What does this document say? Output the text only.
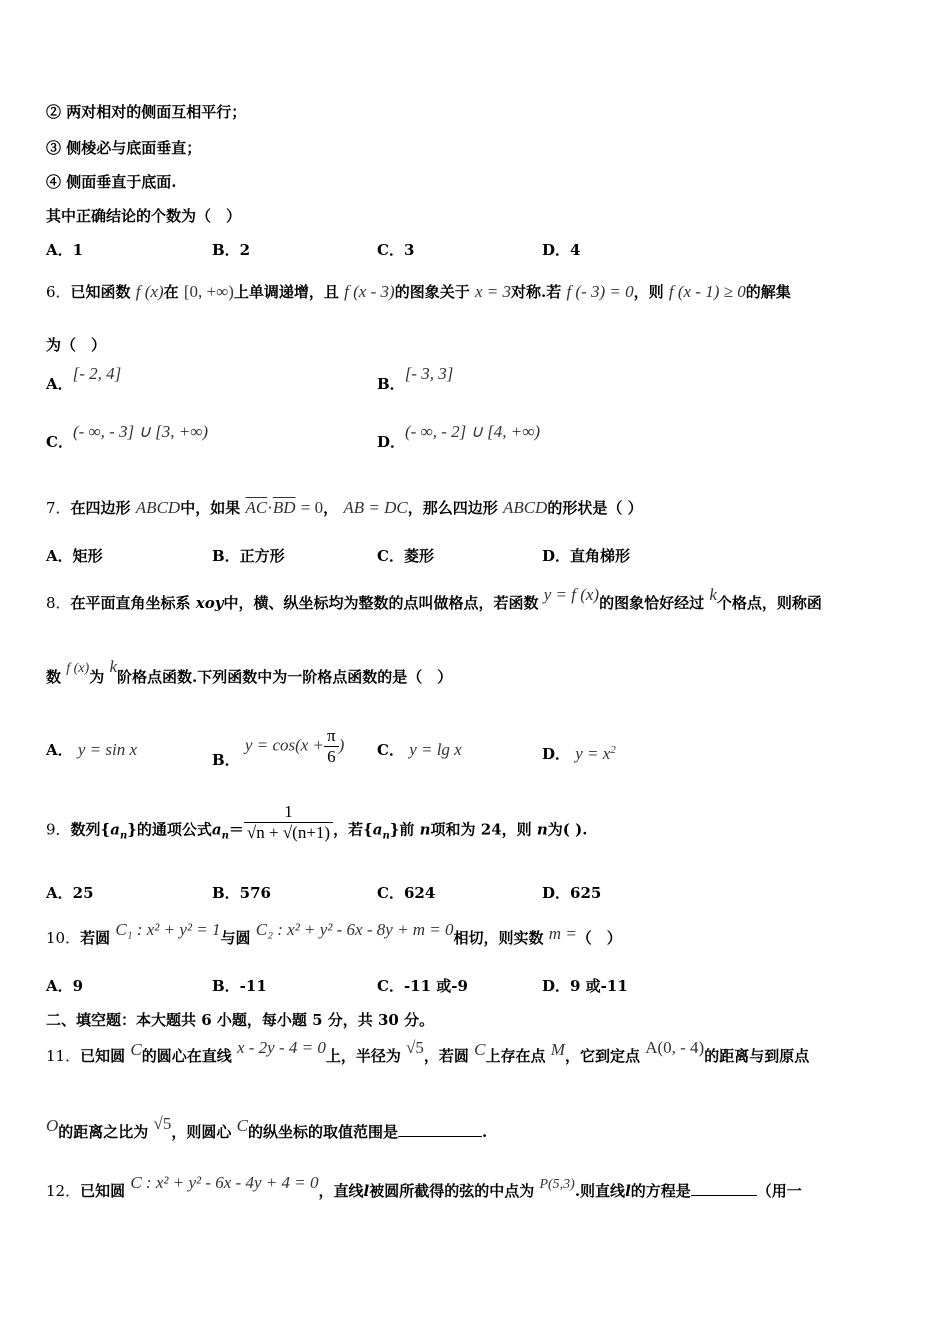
② 两对相对的侧面互相平行；
③ 侧棱必与底面垂直；
④ 侧面垂直于底面.
其中正确结论的个数为（　）
A．1	B．2	C．3	D．4
6．已知函数 f (x)在 [0, +∞)上单调递增，且 f (x - 3)的图象关于 x = 3对称.若 f (- 3) = 0，则 f (x - 1) ≥ 0的解集
为（　）
A．[- 2, 4]
B．[- 3, 3]
C．(- ∞, - 3] ∪ [3, +∞)
D．(- ∞, - 2] ∪ [4, +∞)
7．在四边形 ABCD中，如果 $\overline{AC}\cdot\overline{BD} = 0$， AB = DC，那么四边形 ABCD的形状是（ ）
A．矩形	B．正方形	C．菱形	D．直角梯形
8．在平面直角坐标系 xoy中，横、纵坐标均为整数的点叫做格点，若函数 y = f (x)的图象恰好经过 k个格点，则称函
数 f (x)为 k阶格点函数.下列函数中为一阶格点函数的是（　）
A． y = sin x
B． $y = \cos(x + \frac{\pi}{6}$ ) C． y = lg x	D． $y = x^2$
9．数列$\{a_n\}$的通项公式$a_n= \frac{1}{√n + √(n+1)}$ ，若$\{a_n\}$前 n项和为 24，则 n为( ).
A．25	B．576	C．624	D．625
10．若圆 C₁ : x² + y² = 1与圆 C₂ : x² + y² - 6x - 8y + m = 0相切，则实数 m =（　）
A．9	B．-11	C．-11 或-9	D．9 或-11
二、填空题：本大题共 6 小题，每小题 5 分，共 30 分。
11．已知圆 C的圆心在直线 x - 2y - 4 = 0上，半径为 √5，若圆 C上存在点 M，它到定点 A(0, - 4)的距离与到原点
O的距离之比为 √5，则圆心 C的纵坐标的取值范围是	.
12．已知圆 C : x² + y² - 6x - 4y + 4 = 0，直线l被圆所截得的弦的中点为 P(5,3).则直线l的方程是	（用一
